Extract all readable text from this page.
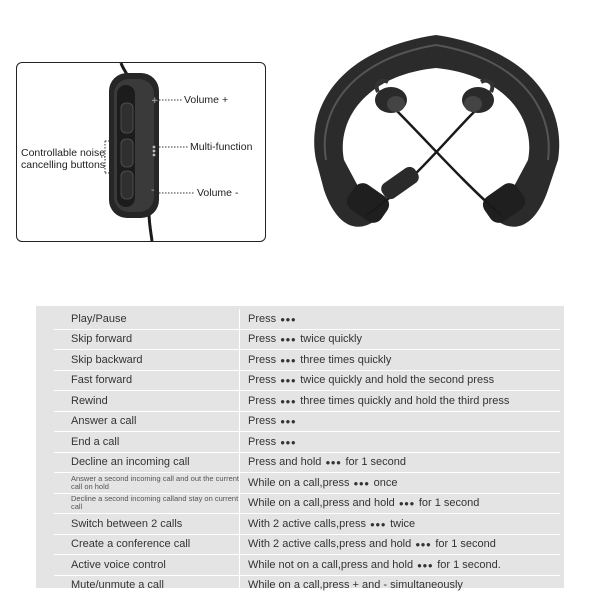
+
-
Volume +
Multi-function
Volume -
Controllable noise
cancelling buttons
Play/Pause	Press ●●●
Skip forward	Press ●●● twice quickly
Skip backward	Press ●●● three times quickly
Fast forward	Press ●●● twice quickly and hold the second press
Rewind	Press ●●● three times quickly and hold the third press
Answer a call	Press ●●●
End a call	Press ●●●
Decline an incoming call	Press and hold ●●● for 1 second
Answer a second incoming call and out the current call on hold	While on a call,press ●●● once
Decline a second incoming calland stay on current call	While on a call,press and hold ●●● for 1 second
Switch between 2 calls	With 2 active calls,press ●●● twice
Create a conference call	With 2 active calls,press and hold ●●● for 1 second
Active voice control	While not on a call,press and hold ●●● for 1 second.
Mute/unmute a call	While on a call,press + and - simultaneously
